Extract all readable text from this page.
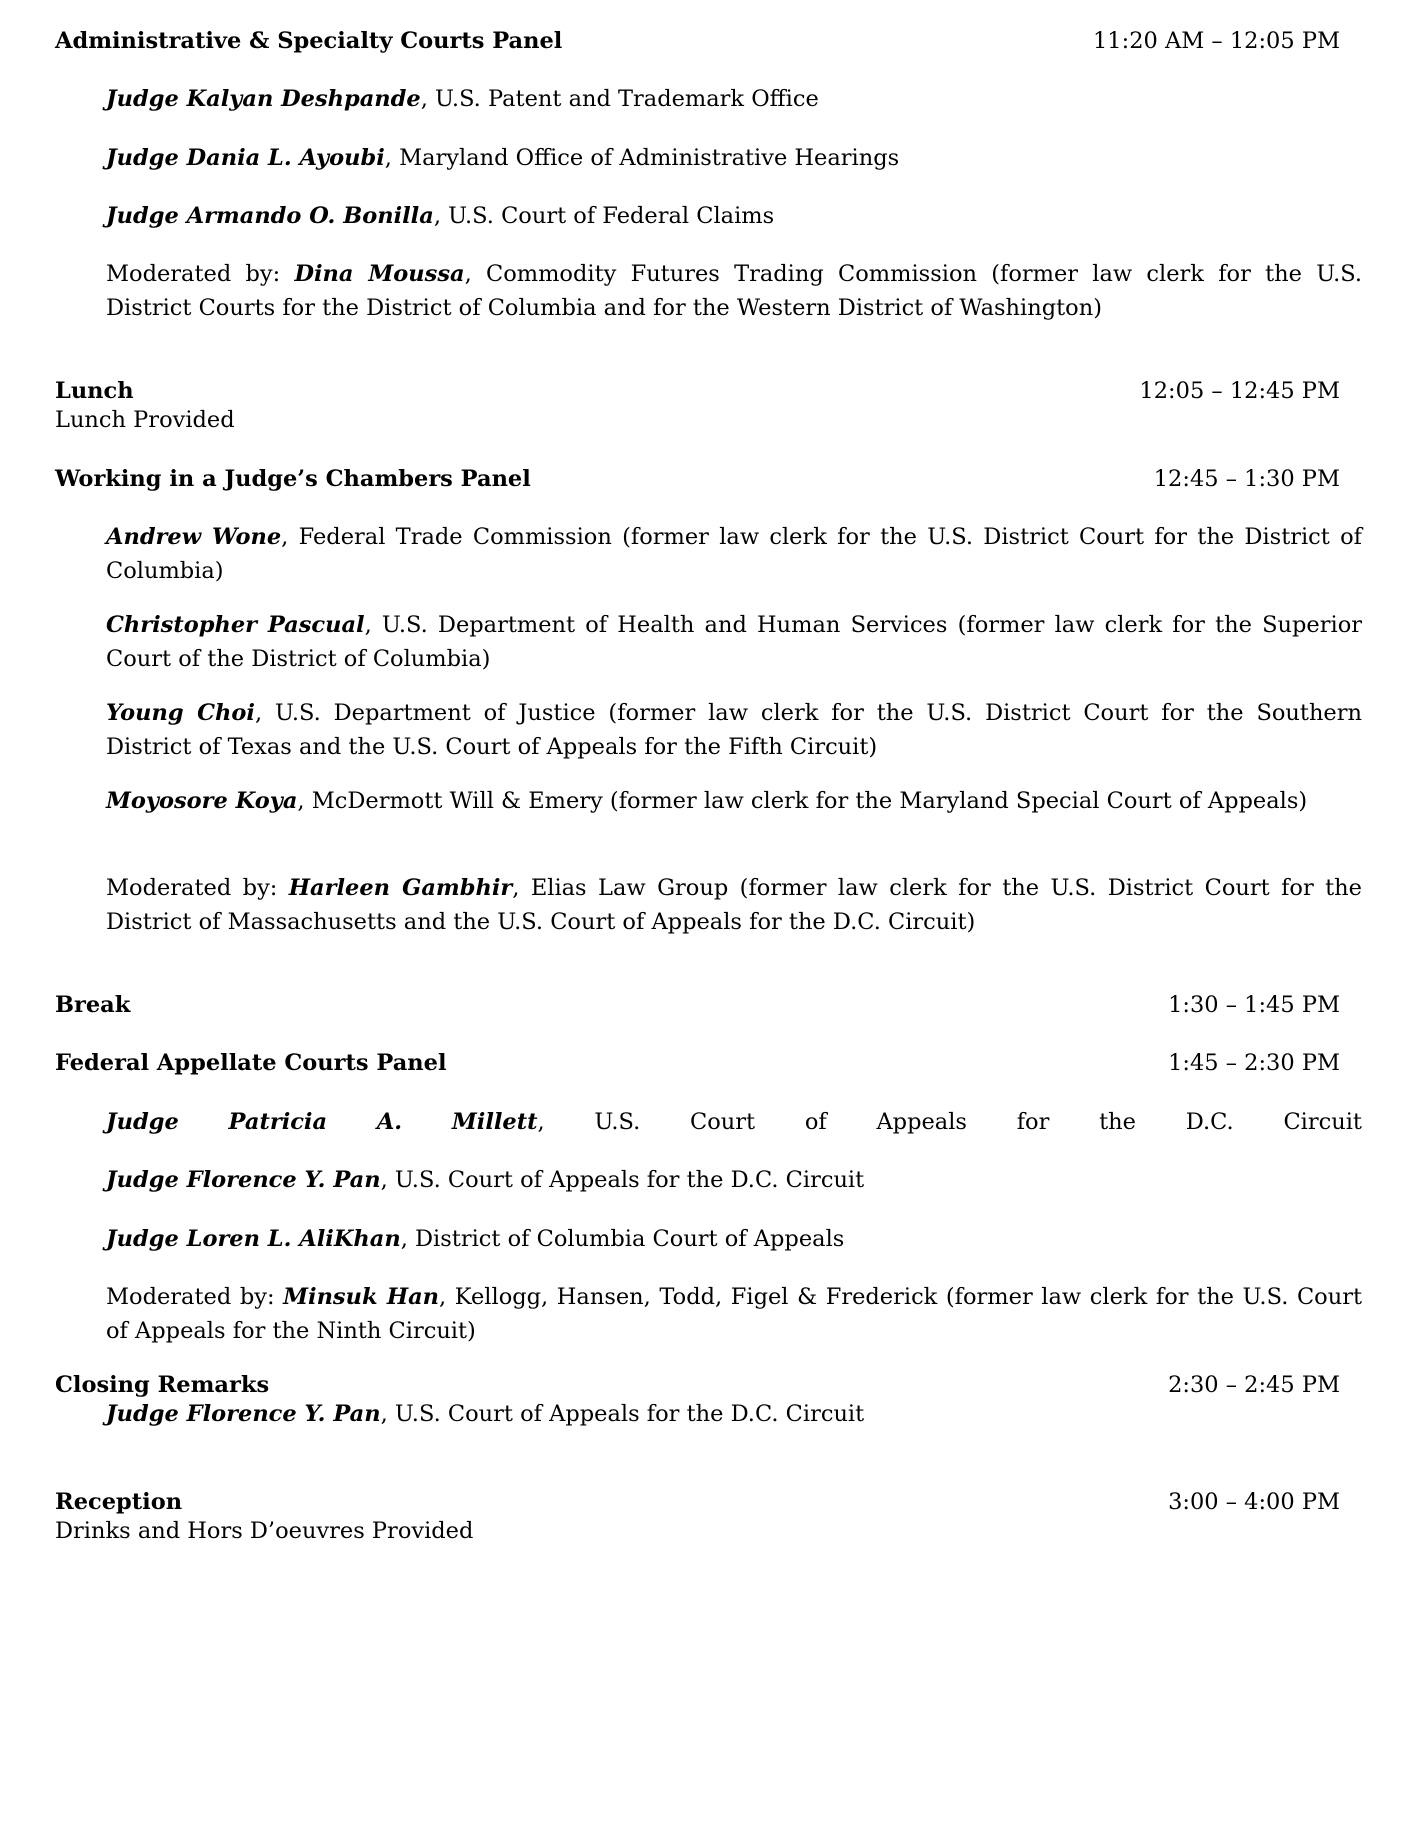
Administrative & Specialty Courts Panel	11:20 AM – 12:05 PM
Judge Kalyan Deshpande, U.S. Patent and Trademark Office
Judge Dania L. Ayoubi, Maryland Office of Administrative Hearings
Judge Armando O. Bonilla, U.S. Court of Federal Claims
Moderated by: Dina Moussa, Commodity Futures Trading Commission (former law clerk for the U.S. District Courts for the District of Columbia and for the Western District of Washington)
Lunch	12:05 – 12:45 PM
Lunch Provided
Working in a Judge’s Chambers Panel	12:45 – 1:30 PM
Andrew Wone, Federal Trade Commission (former law clerk for the U.S. District Court for the District of Columbia)
Christopher Pascual, U.S. Department of Health and Human Services (former law clerk for the Superior Court of the District of Columbia)
Young Choi, U.S. Department of Justice (former law clerk for the U.S. District Court for the Southern District of Texas and the U.S. Court of Appeals for the Fifth Circuit)
Moyosore Koya, McDermott Will & Emery (former law clerk for the Maryland Special Court of Appeals)
Moderated by: Harleen Gambhir, Elias Law Group (former law clerk for the U.S. District Court for the District of Massachusetts and the U.S. Court of Appeals for the D.C. Circuit)
Break	1:30 – 1:45 PM
Federal Appellate Courts Panel	1:45 – 2:30 PM
Judge Patricia A. Millett, U.S. Court of Appeals for the D.C. Circuit
Judge Florence Y. Pan, U.S. Court of Appeals for the D.C. Circuit
Judge Loren L. AliKhan, District of Columbia Court of Appeals
Moderated by: Minsuk Han, Kellogg, Hansen, Todd, Figel & Frederick (former law clerk for the U.S. Court of Appeals for the Ninth Circuit)
Closing Remarks	2:30 – 2:45 PM
Judge Florence Y. Pan, U.S. Court of Appeals for the D.C. Circuit
Reception	3:00 – 4:00 PM
Drinks and Hors D’oeuvres Provided
